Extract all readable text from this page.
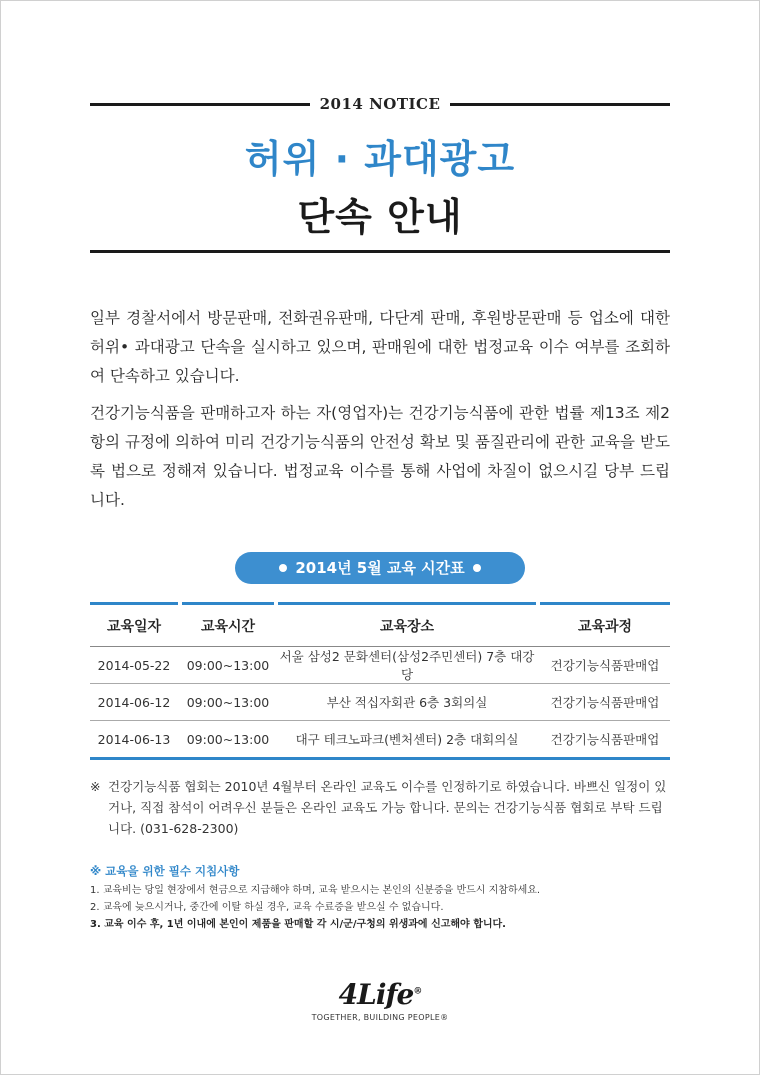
2014 NOTICE
허위 · 과대광고
단속 안내
일부 경찰서에서 방문판매, 전화권유판매, 다단계 판매, 후원방문판매 등 업소에 대한 허위• 과대광고 단속을 실시하고 있으며, 판매원에 대한 법정교육 이수 여부를 조회하여 단속하고 있습니다.
건강기능식품을 판매하고자 하는 자(영업자)는 건강기능식품에 관한 법률 제13조 제2항의 규정에 의하여 미리 건강기능식품의 안전성 확보 및 품질관리에 관한 교육을 받도록 법으로 정해져 있습니다. 법정교육 이수를 통해 사업에 차질이 없으시길 당부 드립니다.
2014년 5월 교육 시간표
교육일자		교육시간		교육장소		교육과정
2014-05-22		09:00~13:00		서울 삼성2 문화센터(삼성2주민센터) 7층 대강당		건강기능식품판매업
2014-06-12		09:00~13:00		부산 적십자회관 6층 3회의실		건강기능식품판매업
2014-06-13		09:00~13:00		대구 테크노파크(벤처센터) 2층 대회의실		건강기능식품판매업
※ 건강기능식품 협회는 2010년 4월부터 온라인 교육도 이수를 인정하기로 하였습니다. 바쁘신 일정이 있거나, 직접 참석이 어려우신 분들은 온라인 교육도 가능 합니다. 문의는 건강기능식품 협회로 부탁 드립니다. (031-628-2300)
※ 교육을 위한 필수 지침사항
1. 교육비는 당일 현장에서 현금으로 지급해야 하며, 교육 받으시는 본인의 신분증을 반드시 지참하세요.
2. 교육에 늦으시거나, 중간에 이탈 하실 경우, 교육 수료증을 받으실 수 없습니다.
3. 교육 이수 후, 1년 이내에 본인이 제품을 판매할 각 시/군/구청의 위생과에 신고해야 합니다.
4Life®
TOGETHER, BUILDING PEOPLE®
